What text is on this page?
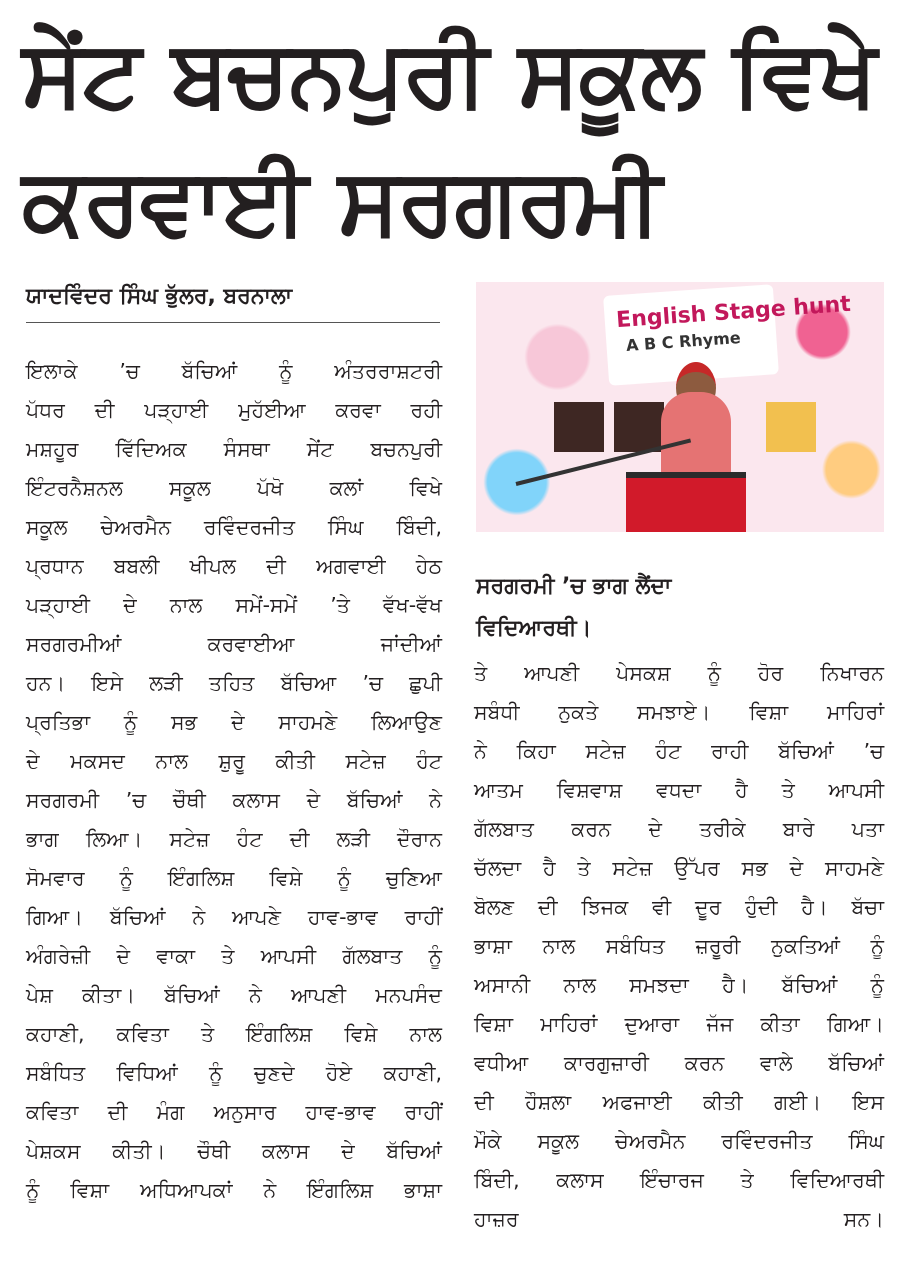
ਸੇਂਟ ਬਚਨਪੁਰੀ ਸਕੂਲ ਵਿਖੇ ਕਰਵਾਈ ਸਰਗਰਮੀ
ਯਾਦਵਿੰਦਰ ਸਿੰਘ ਭੁੱਲਰ, ਬਰਨਾਲਾ
ਇਲਾਕੇ ’ਚ ਬੱਚਿਆਂ ਨੂੰ ਅੰਤਰਰਾਸ਼ਟਰੀ
ਪੱਧਰ ਦੀ ਪੜ੍ਹਾਈ ਮੁਹੱਈਆ ਕਰਵਾ ਰਹੀ
ਮਸ਼ਹੂਰ ਵਿੱਦਿਅਕ ਸੰਸਥਾ ਸੇਂਟ ਬਚਨਪੁਰੀ
ਇੰਟਰਨੈਸ਼ਨਲ ਸਕੂਲ ਪੱਖੋ ਕਲਾਂ ਵਿਖੇ
ਸਕੂਲ ਚੇਅਰਮੈਨ ਰਵਿੰਦਰਜੀਤ ਸਿੰਘ ਬਿੰਦੀ,
ਪ੍ਰਧਾਨ ਬਬਲੀ ਖੀਪਲ ਦੀ ਅਗਵਾਈ ਹੇਠ
ਪੜ੍ਹਾਈ ਦੇ ਨਾਲ ਸਮੇਂ-ਸਮੇਂ ’ਤੇ ਵੱਖ-ਵੱਖ
ਸਰਗਰਮੀਆਂ ਕਰਵਾਈਆ ਜਾਂਦੀਆਂ
ਹਨ। ਇਸੇ ਲੜੀ ਤਹਿਤ ਬੱਚਿਆ ’ਚ ਛੁਪੀ
ਪ੍ਰਤਿਭਾ ਨੂੰ ਸਭ ਦੇ ਸਾਹਮਣੇ ਲਿਆਉਣ
ਦੇ ਮਕਸਦ ਨਾਲ ਸ਼ੁਰੂ ਕੀਤੀ ਸਟੇਜ਼ ਹੰਟ
ਸਰਗਰਮੀ ’ਚ ਚੌਥੀ ਕਲਾਸ ਦੇ ਬੱਚਿਆਂ ਨੇ
ਭਾਗ ਲਿਆ। ਸਟੇਜ਼ ਹੰਟ ਦੀ ਲੜੀ ਦੌਰਾਨ
ਸੋਮਵਾਰ ਨੂੰ ਇੰਗਲਿਸ਼ ਵਿਸ਼ੇ ਨੂੰ ਚੁਣਿਆ
ਗਿਆ। ਬੱਚਿਆਂ ਨੇ ਆਪਣੇ ਹਾਵ-ਭਾਵ ਰਾਹੀਂ
ਅੰਗਰੇਜ਼ੀ ਦੇ ਵਾਕਾ ਤੇ ਆਪਸੀ ਗੱਲਬਾਤ ਨੂੰ
ਪੇਸ਼ ਕੀਤਾ। ਬੱਚਿਆਂ ਨੇ ਆਪਣੀ ਮਨਪਸੰਦ
ਕਹਾਣੀ, ਕਵਿਤਾ ਤੇ ਇੰਗਲਿਸ਼ ਵਿਸ਼ੇ ਨਾਲ
ਸਬੰਧਿਤ ਵਿਧਿਆਂ ਨੂੰ ਚੁਣਦੇ ਹੋਏ ਕਹਾਣੀ,
ਕਵਿਤਾ ਦੀ ਮੰਗ ਅਨੁਸਾਰ ਹਾਵ-ਭਾਵ ਰਾਹੀਂ
ਪੇਸ਼ਕਸ ਕੀਤੀ। ਚੌਥੀ ਕਲਾਸ ਦੇ ਬੱਚਿਆਂ
ਨੂੰ ਵਿਸ਼ਾ ਅਧਿਆਪਕਾਂ ਨੇ ਇੰਗਲਿਸ਼ ਭਾਸ਼ਾ
English Stage hunt
A B C Rhyme
ਸਰਗਰਮੀ ’ਚ ਭਾਗ ਲੈਂਦਾ
ਵਿਦਿਆਰਥੀ।
ਤੇ ਆਪਣੀ ਪੇਸਕਸ਼ ਨੂੰ ਹੋਰ ਨਿਖਾਰਨ
ਸਬੰਧੀ ਨੁਕਤੇ ਸਮਝਾਏ। ਵਿਸ਼ਾ ਮਾਹਿਰਾਂ
ਨੇ ਕਿਹਾ ਸਟੇਜ਼ ਹੰਟ ਰਾਹੀ ਬੱਚਿਆਂ ’ਚ
ਆਤਮ ਵਿਸ਼ਵਾਸ਼ ਵਧਦਾ ਹੈ ਤੇ ਆਪਸੀ
ਗੱਲਬਾਤ ਕਰਨ ਦੇ ਤਰੀਕੇ ਬਾਰੇ ਪਤਾ
ਚੱਲਦਾ ਹੈ ਤੇ ਸਟੇਜ਼ ਉੱਪਰ ਸਭ ਦੇ ਸਾਹਮਣੇ
ਬੋਲਣ ਦੀ ਝਿਜਕ ਵੀ ਦੂਰ ਹੁੰਦੀ ਹੈ। ਬੱਚਾ
ਭਾਸ਼ਾ ਨਾਲ ਸਬੰਧਿਤ ਜ਼ਰੂਰੀ ਨੁਕਤਿਆਂ ਨੂੰ
ਅਸਾਨੀ ਨਾਲ ਸਮਝਦਾ ਹੈ। ਬੱਚਿਆਂ ਨੂੰ
ਵਿਸ਼ਾ ਮਾਹਿਰਾਂ ਦੁਆਰਾ ਜੱਜ ਕੀਤਾ ਗਿਆ।
ਵਧੀਆ ਕਾਰਗੁਜ਼ਾਰੀ ਕਰਨ ਵਾਲੇ ਬੱਚਿਆਂ
ਦੀ ਹੌਸ਼ਲਾ ਅਫਜਾਈ ਕੀਤੀ ਗਈ। ਇਸ
ਮੌਕੇ ਸਕੂਲ ਚੇਅਰਮੈਨ ਰਵਿੰਦਰਜੀਤ ਸਿੰਘ
ਬਿੰਦੀ, ਕਲਾਸ ਇੰਚਾਰਜ ਤੇ ਵਿਦਿਆਰਥੀ
ਹਾਜ਼ਰ ਸਨ।
